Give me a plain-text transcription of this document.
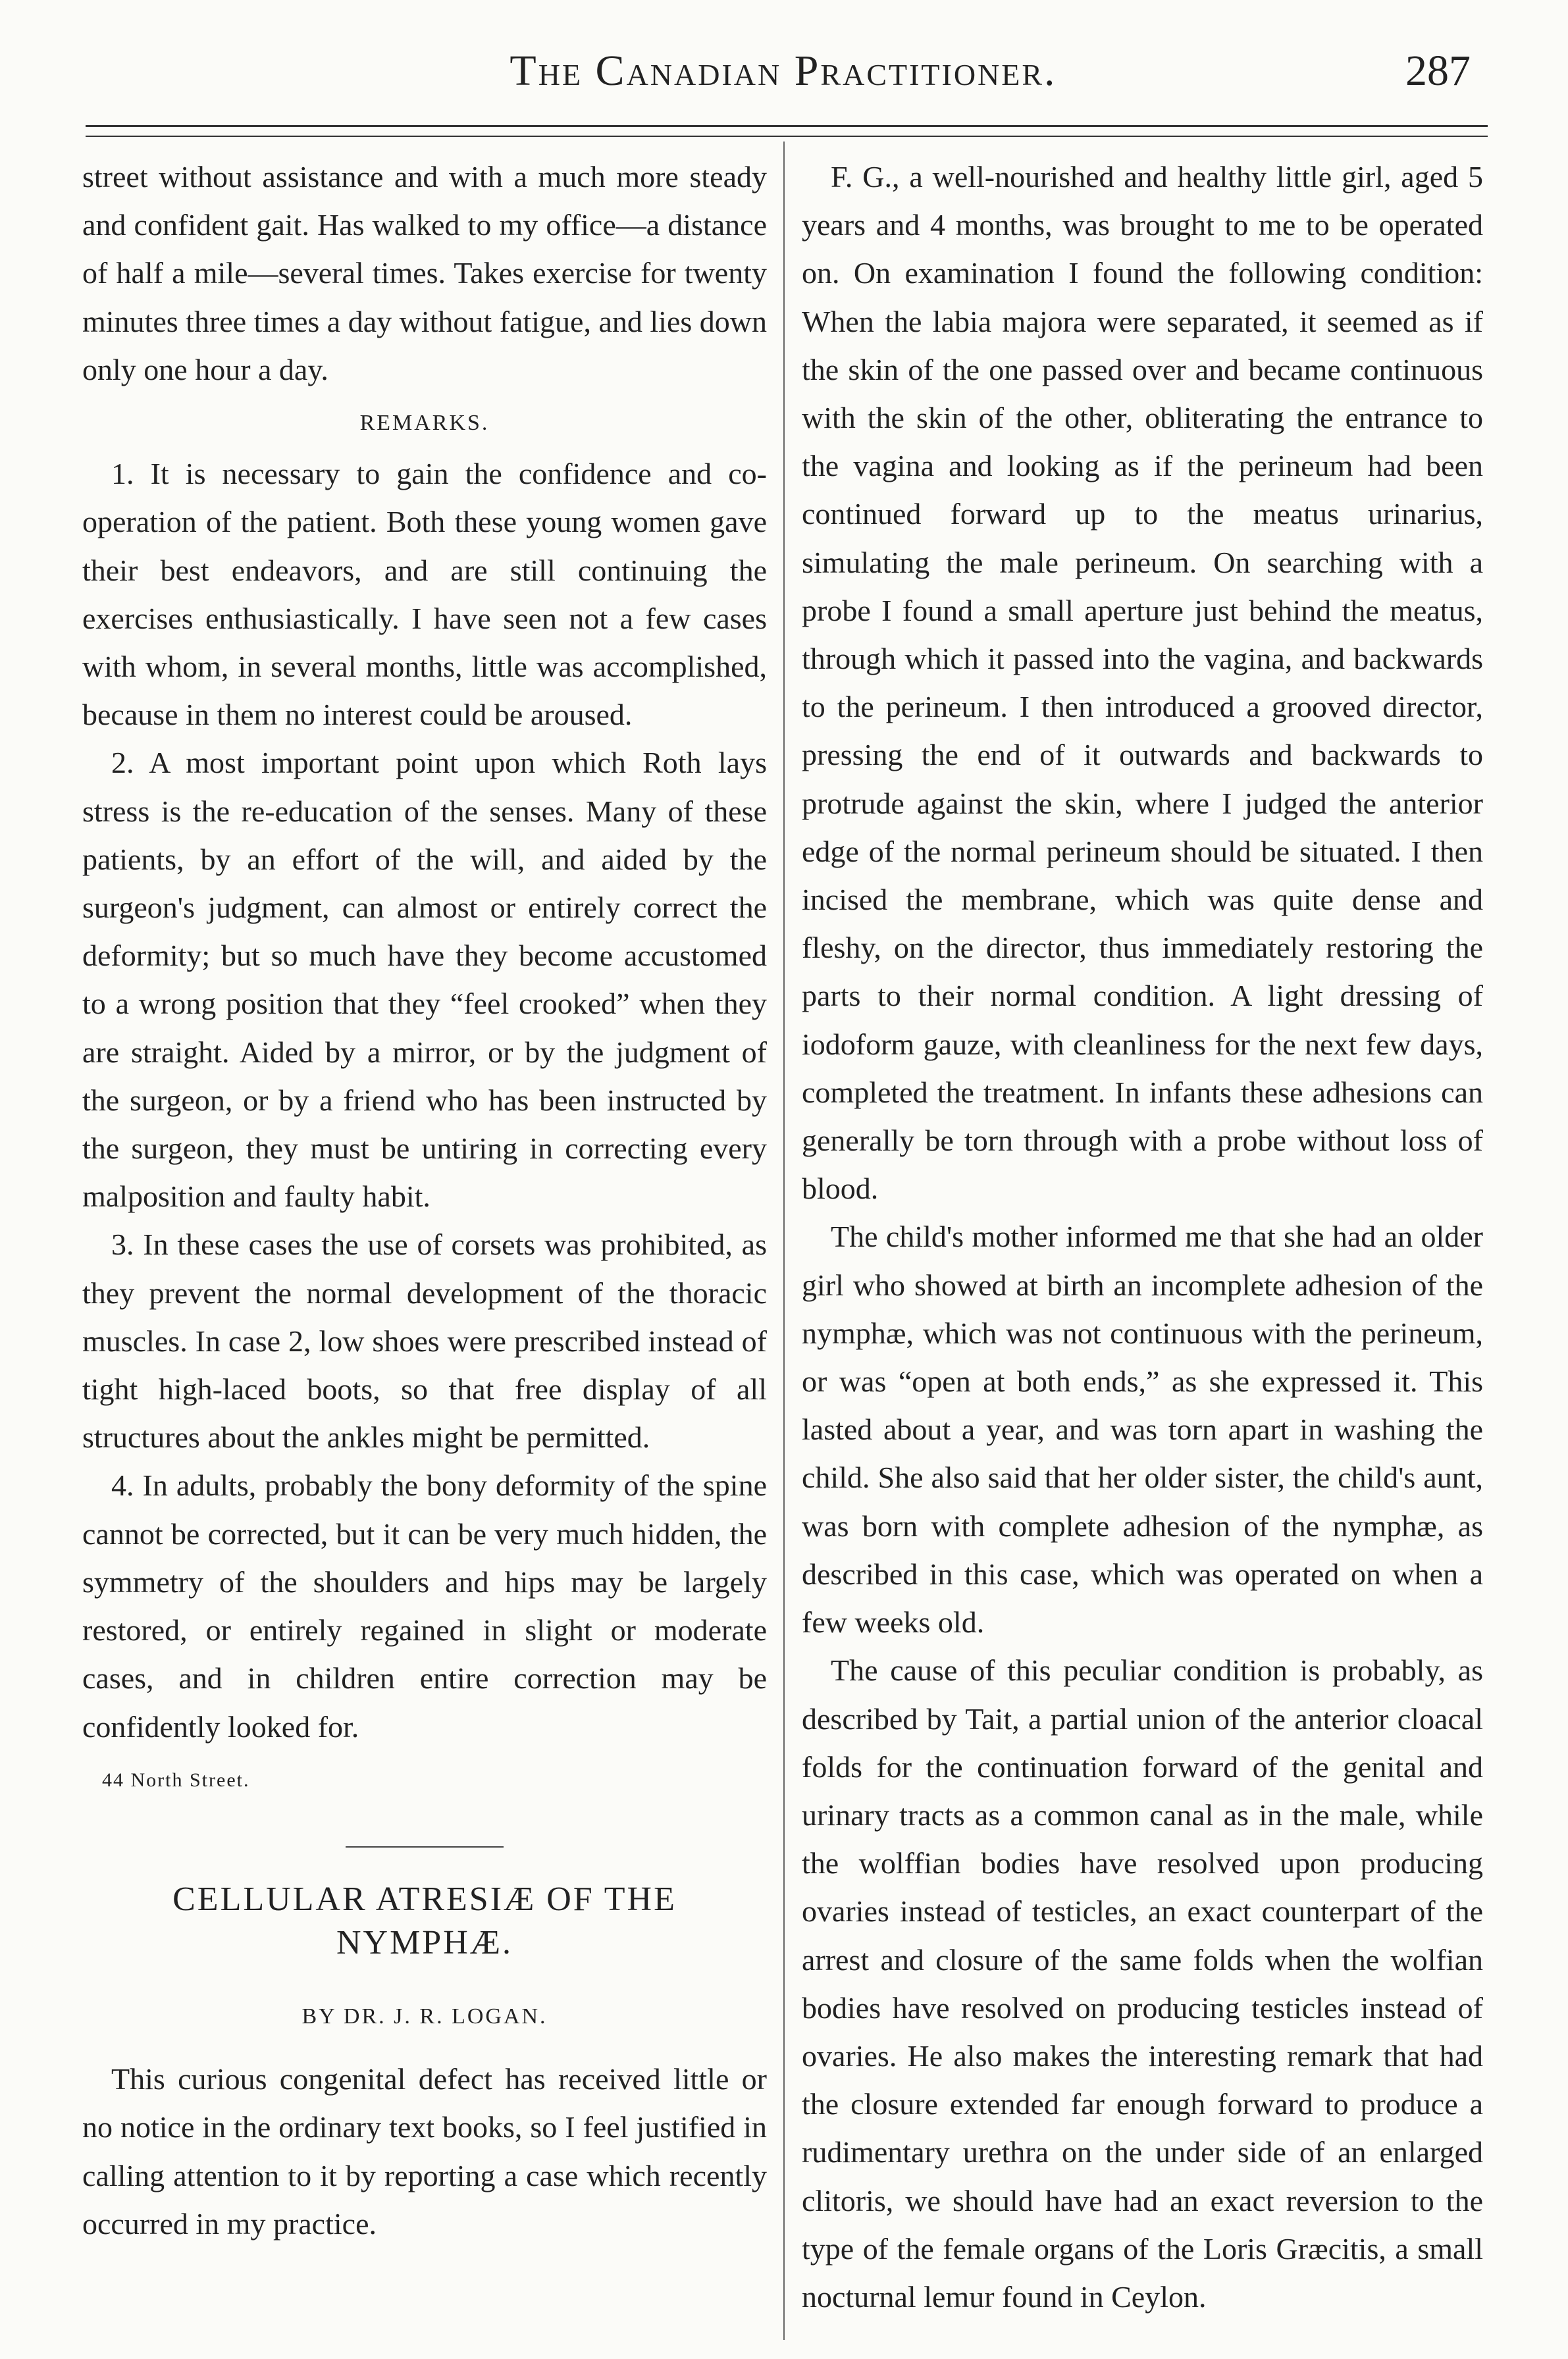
The Canadian Practitioner.	287

street without assistance and with a much more steady and confident gait. Has walked to my office—a distance of half a mile—several times. Takes exercise for twenty minutes three times a day without fatigue, and lies down only one hour a day.

REMARKS.

1. It is necessary to gain the confidence and co-operation of the patient. Both these young women gave their best endeavors, and are still continuing the exercises enthusiastically. I have seen not a few cases with whom, in several months, little was accomplished, because in them no interest could be aroused.

2. A most important point upon which Roth lays stress is the re-education of the senses. Many of these patients, by an effort of the will, and aided by the surgeon's judgment, can almost or entirely correct the deformity; but so much have they become accustomed to a wrong position that they “feel crooked” when they are straight. Aided by a mirror, or by the judgment of the surgeon, or by a friend who has been instructed by the surgeon, they must be untiring in correcting every malposition and faulty habit.

3. In these cases the use of corsets was prohibited, as they prevent the normal development of the thoracic muscles. In case 2, low shoes were prescribed instead of tight high-laced boots, so that free display of all structures about the ankles might be permitted.

4. In adults, probably the bony deformity of the spine cannot be corrected, but it can be very much hidden, the symmetry of the shoulders and hips may be largely restored, or entirely regained in slight or moderate cases, and in children entire correction may be confidently looked for.

44 North Street.

CELLULAR ATRESIÆ OF THE NYMPHÆ.

BY DR. J. R. LOGAN.

This curious congenital defect has received little or no notice in the ordinary text books, so I feel justified in calling attention to it by reporting a case which recently occurred in my practice.

F. G., a well-nourished and healthy little girl, aged 5 years and 4 months, was brought to me to be operated on. On examination I found the following condition: When the labia majora were separated, it seemed as if the skin of the one passed over and became continuous with the skin of the other, obliterating the entrance to the vagina and looking as if the perineum had been continued forward up to the meatus urinarius, simulating the male perineum. On searching with a probe I found a small aperture just behind the meatus, through which it passed into the vagina, and backwards to the perineum. I then introduced a grooved director, pressing the end of it outwards and backwards to protrude against the skin, where I judged the anterior edge of the normal perineum should be situated. I then incised the membrane, which was quite dense and fleshy, on the director, thus immediately restoring the parts to their normal condition. A light dressing of iodoform gauze, with cleanliness for the next few days, completed the treatment. In infants these adhesions can generally be torn through with a probe without loss of blood.

The child's mother informed me that she had an older girl who showed at birth an incomplete adhesion of the nymphæ, which was not continuous with the perineum, or was “open at both ends,” as she expressed it. This lasted about a year, and was torn apart in washing the child. She also said that her older sister, the child's aunt, was born with complete adhesion of the nymphæ, as described in this case, which was operated on when a few weeks old.

The cause of this peculiar condition is probably, as described by Tait, a partial union of the anterior cloacal folds for the continuation forward of the genital and urinary tracts as a common canal as in the male, while the wolffian bodies have resolved upon producing ovaries instead of testicles, an exact counterpart of the arrest and closure of the same folds when the wolfian bodies have resolved on producing testicles instead of ovaries. He also makes the interesting remark that had the closure extended far enough forward to produce a rudimentary urethra on the under side of an enlarged clitoris, we should have had an exact reversion to the type of the female organs of the Loris Græcitis, a small nocturnal lemur found in Ceylon.
